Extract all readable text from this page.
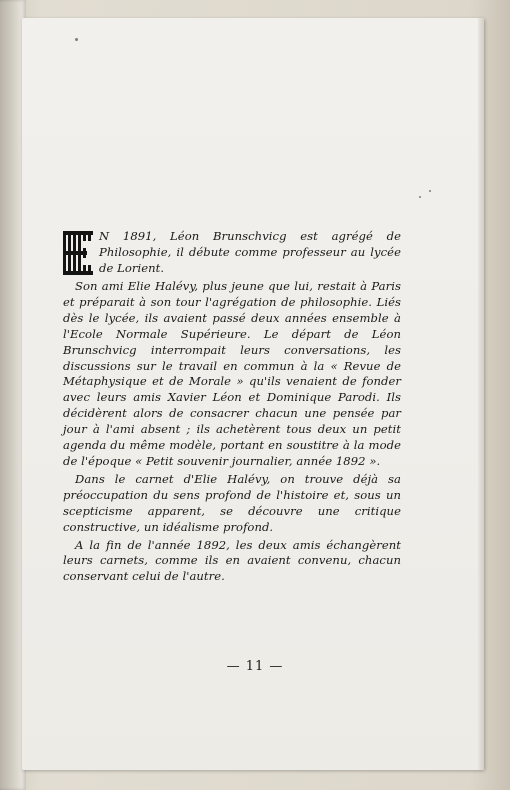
N 1891, Léon Brunschvicg est agrégé de Philosophie, il débute comme professeur au lycée de Lorient.

Son ami Elie Halévy, plus jeune que lui, restait à Paris et préparait à son tour l'agrégation de philosophie. Liés dès le lycée, ils avaient passé deux années ensemble à l'Ecole Normale Supérieure. Le départ de Léon Brunschvicg interrompait leurs conversations, les discussions sur le travail en commun à la « Revue de Métaphysique et de Morale » qu'ils venaient de fonder avec leurs amis Xavier Léon et Dominique Parodi. Ils décidèrent alors de consacrer chacun une pensée par jour à l'ami absent ; ils achetèrent tous deux un petit agenda du même modèle, portant en soustitre à la mode de l'époque « Petit souvenir journalier, année 1892 ».

Dans le carnet d'Elie Halévy, on trouve déjà sa préoccupation du sens profond de l'histoire et, sous un scepticisme apparent, se découvre une critique constructive, un idéalisme profond.

A la fin de l'année 1892, les deux amis échangèrent leurs carnets, comme ils en avaient convenu, chacun conservant celui de l'autre.

— 11 —
